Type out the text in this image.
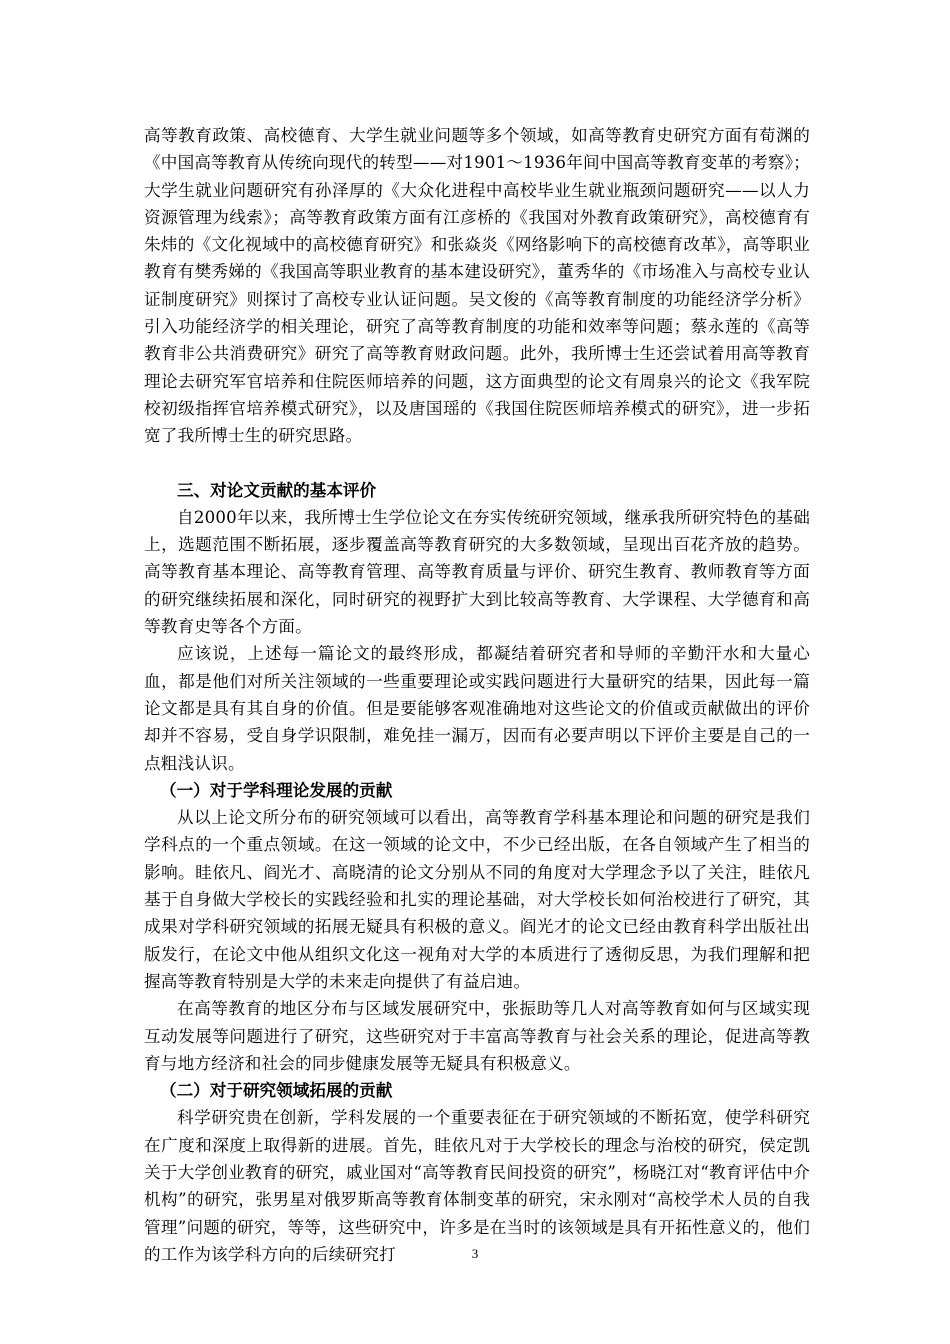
高等教育政策、高校德育、大学生就业问题等多个领域，如高等教育史研究方面有荀渊的《中国高等教育从传统向现代的转型——对1901～1936年间中国高等教育变革的考察》；大学生就业问题研究有孙泽厚的《大众化进程中高校毕业生就业瓶颈问题研究——以人力资源管理为线索》；高等教育政策方面有江彦桥的《我国对外教育政策研究》，高校德育有朱炜的《文化视域中的高校德育研究》和张焱炎《网络影响下的高校德育改革》，高等职业教育有樊秀娣的《我国高等职业教育的基本建设研究》，董秀华的《市场准入与高校专业认证制度研究》则探讨了高校专业认证问题。吴文俊的《高等教育制度的功能经济学分析》引入功能经济学的相关理论，研究了高等教育制度的功能和效率等问题；蔡永莲的《高等教育非公共消费研究》研究了高等教育财政问题。此外，我所博士生还尝试着用高等教育理论去研究军官培养和住院医师培养的问题，这方面典型的论文有周泉兴的论文《我军院校初级指挥官培养模式研究》，以及唐国瑶的《我国住院医师培养模式的研究》，进一步拓宽了我所博士生的研究思路。

三、对论文贡献的基本评价

自2000年以来，我所博士生学位论文在夯实传统研究领域，继承我所研究特色的基础上，选题范围不断拓展，逐步覆盖高等教育研究的大多数领域，呈现出百花齐放的趋势。高等教育基本理论、高等教育管理、高等教育质量与评价、研究生教育、教师教育等方面的研究继续拓展和深化，同时研究的视野扩大到比较高等教育、大学课程、大学德育和高等教育史等各个方面。

应该说，上述每一篇论文的最终形成，都凝结着研究者和导师的辛勤汗水和大量心血，都是他们对所关注领域的一些重要理论或实践问题进行大量研究的结果，因此每一篇论文都是具有其自身的价值。但是要能够客观准确地对这些论文的价值或贡献做出的评价却并不容易，受自身学识限制，难免挂一漏万，因而有必要声明以下评价主要是自己的一点粗浅认识。

（一）对于学科理论发展的贡献

从以上论文所分布的研究领域可以看出，高等教育学科基本理论和问题的研究是我们学科点的一个重点领域。在这一领域的论文中，不少已经出版，在各自领域产生了相当的影响。眭依凡、阎光才、高晓清的论文分别从不同的角度对大学理念予以了关注，眭依凡基于自身做大学校长的实践经验和扎实的理论基础，对大学校长如何治校进行了研究，其成果对学科研究领域的拓展无疑具有积极的意义。阎光才的论文已经由教育科学出版社出版发行，在论文中他从组织文化这一视角对大学的本质进行了透彻反思，为我们理解和把握高等教育特别是大学的未来走向提供了有益启迪。

在高等教育的地区分布与区域发展研究中，张振助等几人对高等教育如何与区域实现互动发展等问题进行了研究，这些研究对于丰富高等教育与社会关系的理论，促进高等教育与地方经济和社会的同步健康发展等无疑具有积极意义。

（二）对于研究领域拓展的贡献

科学研究贵在创新，学科发展的一个重要表征在于研究领域的不断拓宽，使学科研究在广度和深度上取得新的进展。首先，眭依凡对于大学校长的理念与治校的研究，侯定凯关于大学创业教育的研究，戚业国对“高等教育民间投资的研究”，杨晓江对“教育评估中介机构”的研究，张男星对俄罗斯高等教育体制变革的研究，宋永刚对“高校学术人员的自我管理”问题的研究，等等，这些研究中，许多是在当时的该领域是具有开拓性意义的，他们的工作为该学科方向的后续研究打	3
